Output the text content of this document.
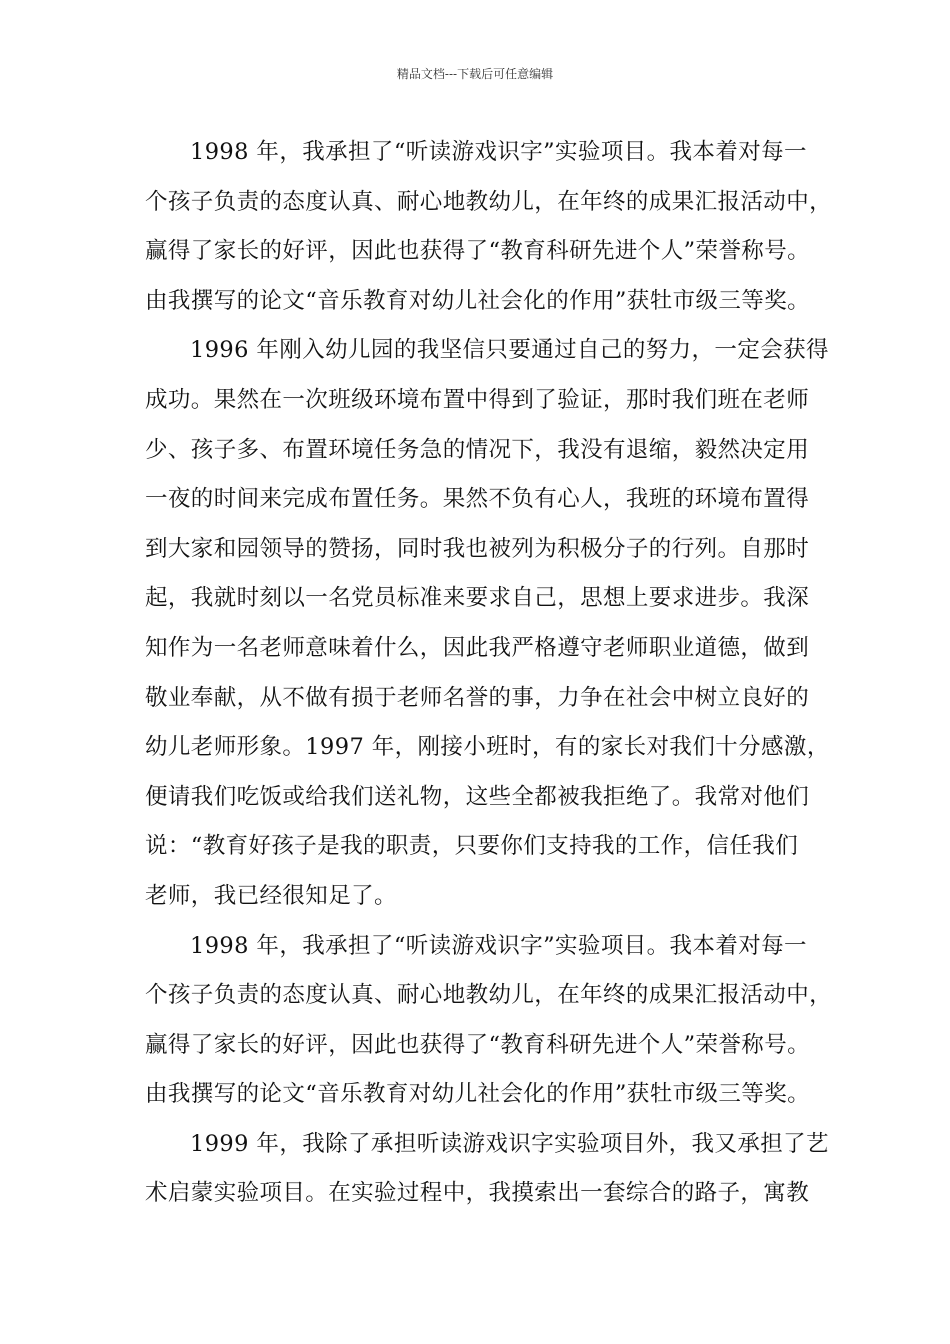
精品文档---下载后可任意编辑
1998 年，我承担了“听读游戏识字”实验项目。我本着对每一
个孩子负责的态度认真、耐心地教幼儿，在年终的成果汇报活动中，
赢得了家长的好评，因此也获得了“教育科研先进个人”荣誉称号。
由我撰写的论文“音乐教育对幼儿社会化的作用”获牡市级三等奖。
1996 年刚入幼儿园的我坚信只要通过自己的努力，一定会获得
成功。果然在一次班级环境布置中得到了验证，那时我们班在老师
少、孩子多、布置环境任务急的情况下，我没有退缩，毅然决定用
一夜的时间来完成布置任务。果然不负有心人，我班的环境布置得
到大家和园领导的赞扬，同时我也被列为积极分子的行列。自那时
起，我就时刻以一名党员标准来要求自己，思想上要求进步。我深
知作为一名老师意味着什么，因此我严格遵守老师职业道德，做到
敬业奉献，从不做有损于老师名誉的事，力争在社会中树立良好的
幼儿老师形象。1997 年，刚接小班时，有的家长对我们十分感激，
便请我们吃饭或给我们送礼物，这些全都被我拒绝了。我常对他们
说：“教育好孩子是我的职责，只要你们支持我的工作，信任我们
老师，我已经很知足了。
1998 年，我承担了“听读游戏识字”实验项目。我本着对每一
个孩子负责的态度认真、耐心地教幼儿，在年终的成果汇报活动中，
赢得了家长的好评，因此也获得了“教育科研先进个人”荣誉称号。
由我撰写的论文“音乐教育对幼儿社会化的作用”获牡市级三等奖。
1999 年，我除了承担听读游戏识字实验项目外，我又承担了艺
术启蒙实验项目。在实验过程中，我摸索出一套综合的路子，寓教
